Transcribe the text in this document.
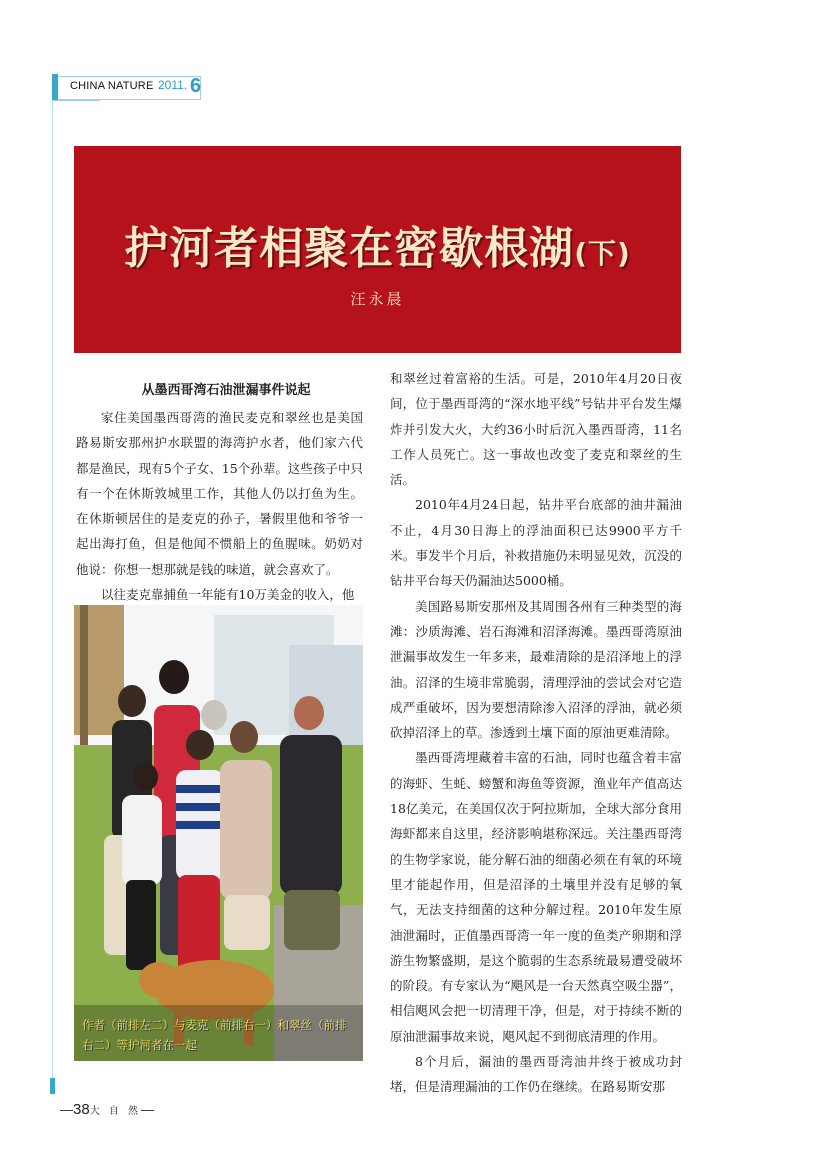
CHINA NATURE 2011. 6
护河者相聚在密歇根湖(下)
汪永晨
从墨西哥湾石油泄漏事件说起

家住美国墨西哥湾的渔民麦克和翠丝也是美国路易斯安那州护水联盟的海湾护水者，他们家六代都是渔民，现有5个子女、15个孙辈。这些孩子中只有一个在休斯敦城里工作，其他人仍以打鱼为生。在休斯顿居住的是麦克的孙子，暑假里他和爷爷一起出海打鱼，但是他闻不惯船上的鱼腥味。奶奶对他说：你想一想那就是钱的味道，就会喜欢了。

以往麦克靠捕鱼一年能有10万美金的收入，他

作者（前排左二）与麦克（前排右一）和翠丝（前排右二）等护河者在一起

和翠丝过着富裕的生活。可是，2010年4月20日夜间，位于墨西哥湾的“深水地平线”号钻井平台发生爆炸并引发大火，大约36小时后沉入墨西哥湾，11名工作人员死亡。这一事故也改变了麦克和翠丝的生活。

2010年4月24日起，钻井平台底部的油井漏油不止，4月30日海上的浮油面积已达9900平方千米。事发半个月后，补救措施仍未明显见效，沉没的钻井平台每天仍漏油达5000桶。

美国路易斯安那州及其周围各州有三种类型的海滩：沙质海滩、岩石海滩和沼泽海滩。墨西哥湾原油泄漏事故发生一年多来，最难清除的是沼泽地上的浮油。沼泽的生境非常脆弱，清理浮油的尝试会对它造成严重破坏，因为要想清除渗入沼泽的浮油，就必须砍掉沼泽上的草。渗透到土壤下面的原油更难清除。

墨西哥湾埋藏着丰富的石油，同时也蕴含着丰富的海虾、生蚝、螃蟹和海鱼等资源，渔业年产值高达18亿美元，在美国仅次于阿拉斯加，全球大部分食用海虾都来自这里，经济影响堪称深远。关注墨西哥湾的生物学家说，能分解石油的细菌必须在有氧的环境里才能起作用，但是沼泽的土壤里并没有足够的氧气，无法支持细菌的这种分解过程。2010年发生原油泄漏时，正值墨西哥湾一年一度的鱼类产卵期和浮游生物繁盛期，是这个脆弱的生态系统最易遭受破坏的阶段。有专家认为“飓风是一台天然真空吸尘器”，相信飓风会把一切清理干净，但是，对于持续不断的原油泄漏事故来说，飓风起不到彻底清理的作用。

8个月后，漏油的墨西哥湾油井终于被成功封堵，但是清理漏油的工作仍在继续。在路易斯安那

—38大 自 然—
